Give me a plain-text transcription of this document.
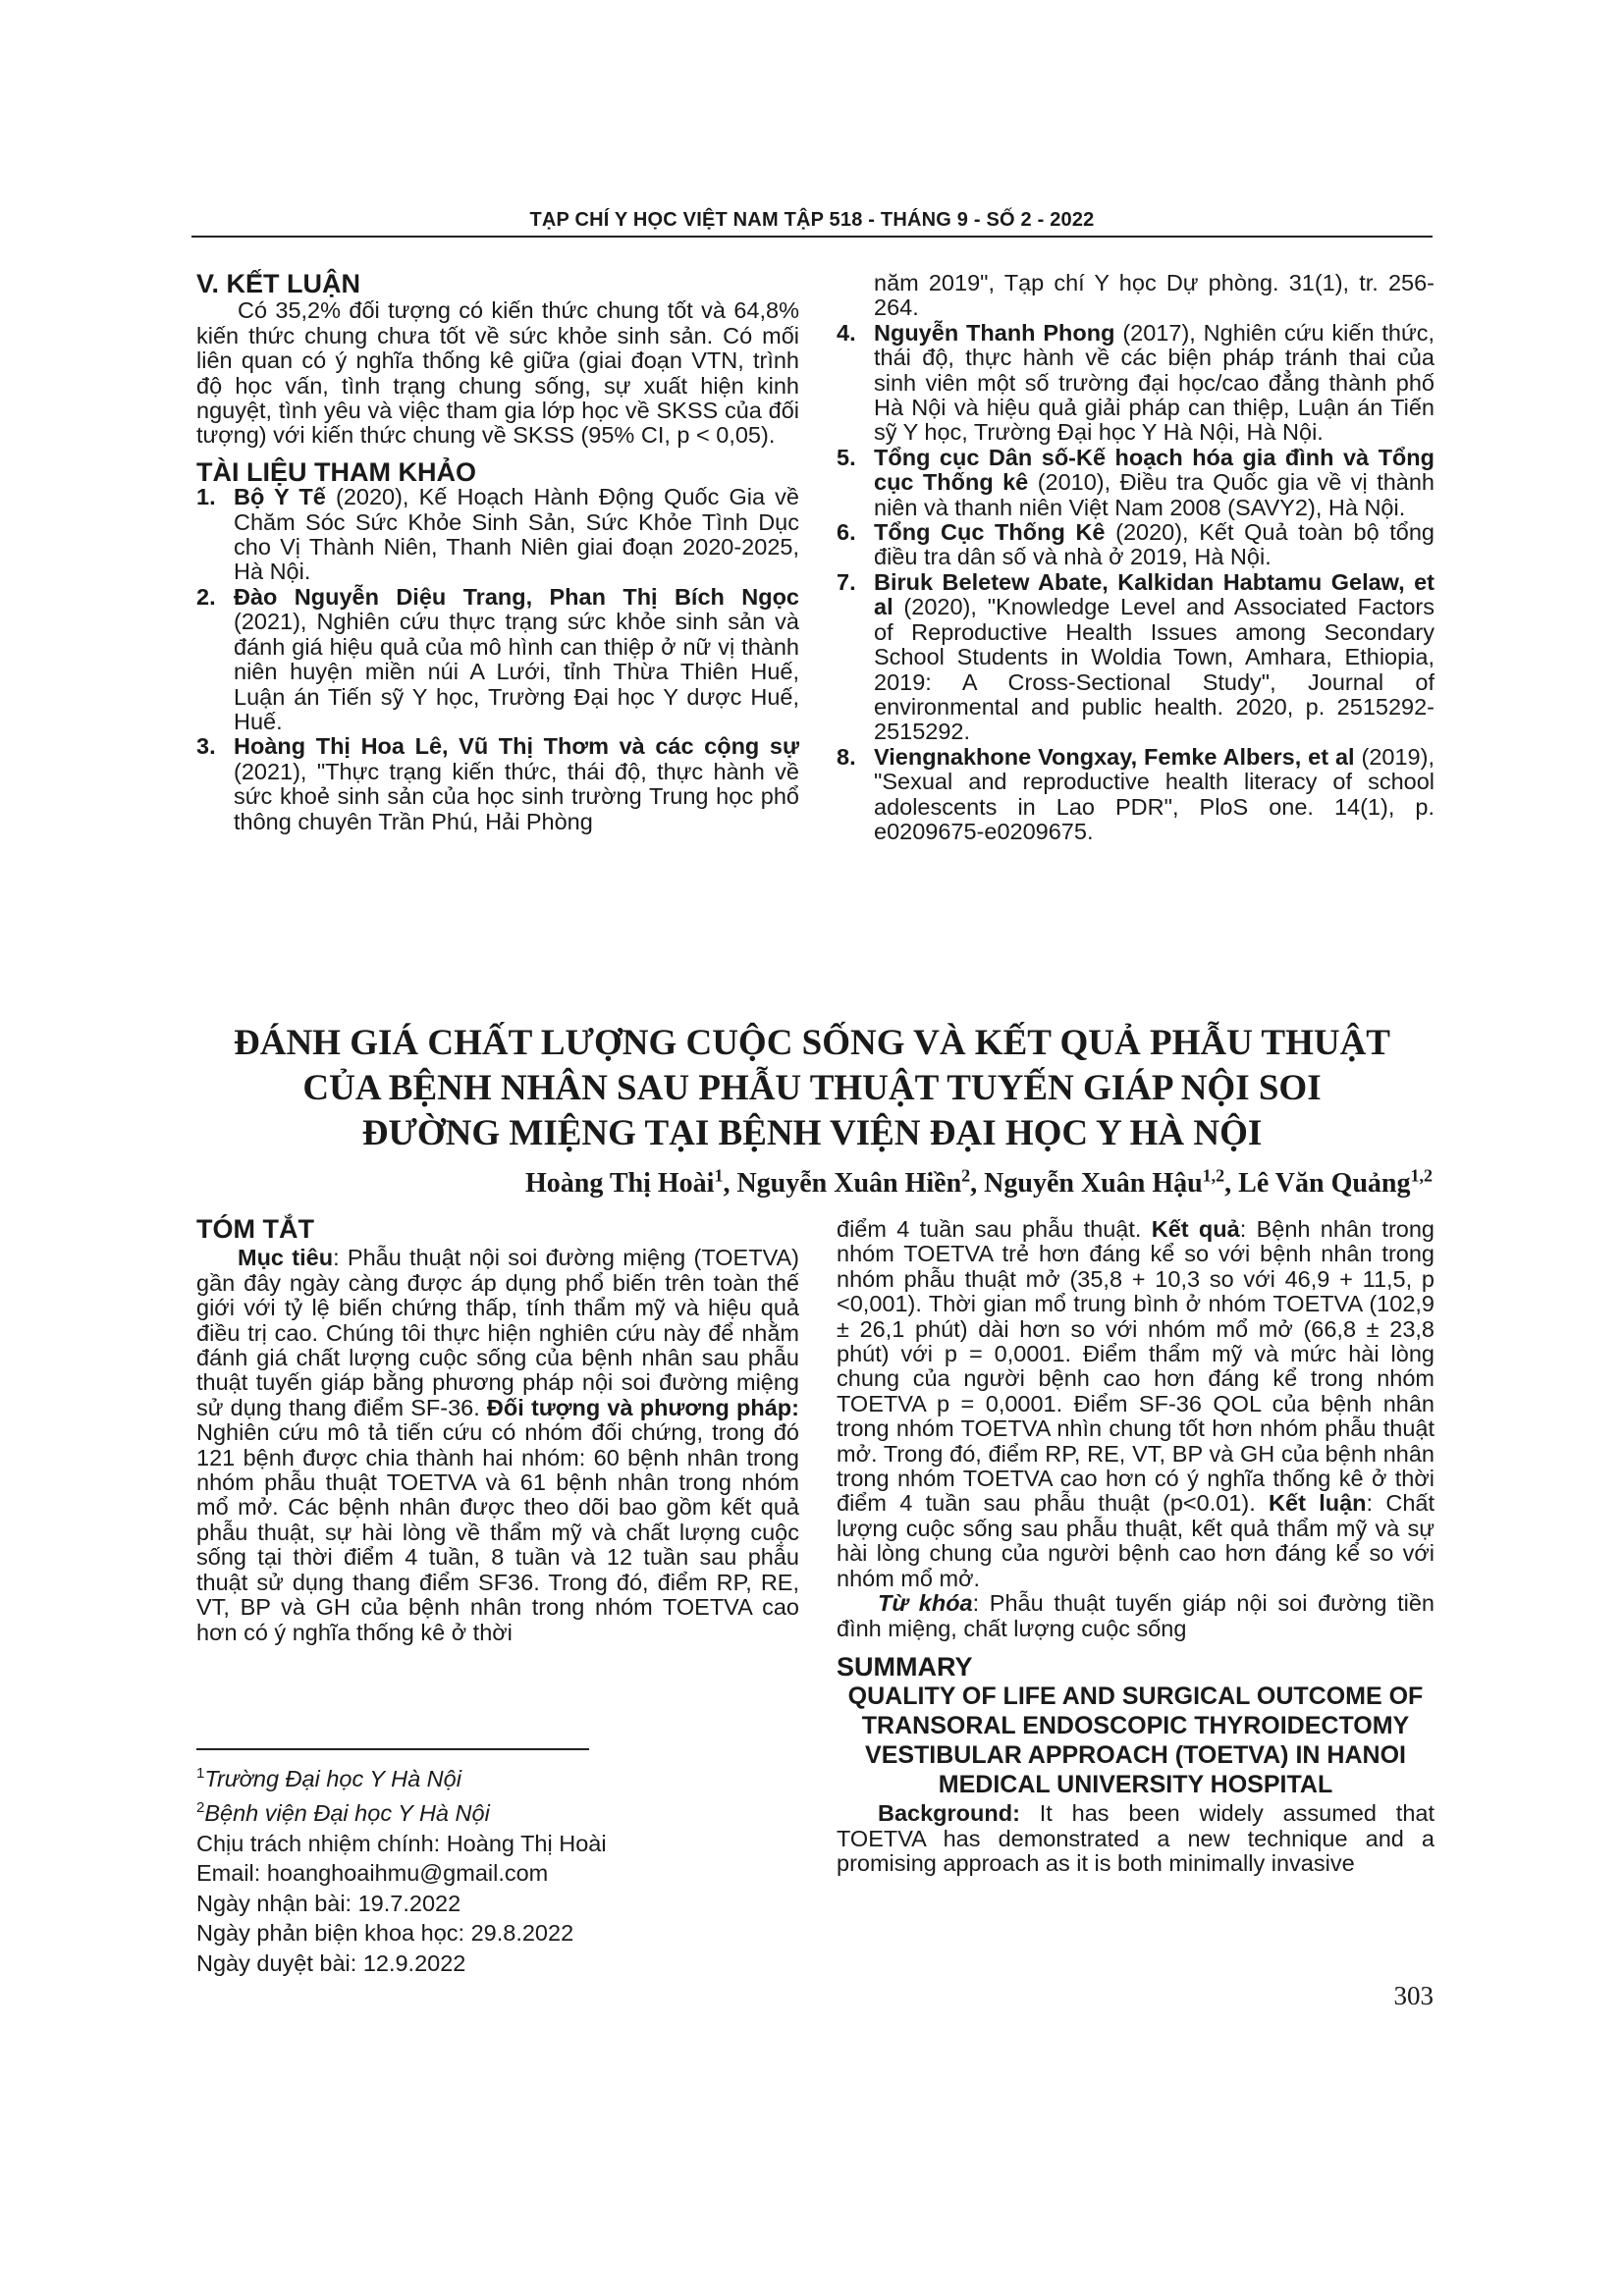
TẠP CHÍ Y HỌC VIỆT NAM TẬP 518 - THÁNG 9 - SỐ 2 - 2022
V. KẾT LUẬN

Có 35,2% đối tượng có kiến thức chung tốt và 64,8% kiến thức chung chưa tốt về sức khỏe sinh sản. Có mối liên quan có ý nghĩa thống kê giữa (giai đoạn VTN, trình độ học vấn, tình trạng chung sống, sự xuất hiện kinh nguyệt, tình yêu và việc tham gia lớp học về SKSS của đối tượng) với kiến thức chung về SKSS (95% CI, p < 0,05).

TÀI LIỆU THAM KHẢO
1. Bộ Y Tế (2020), Kế Hoạch Hành Động Quốc Gia về Chăm Sóc Sức Khỏe Sinh Sản, Sức Khỏe Tình Dục cho Vị Thành Niên, Thanh Niên giai đoạn 2020-2025, Hà Nội.
2. Đào Nguyễn Diệu Trang, Phan Thị Bích Ngọc (2021), Nghiên cứu thực trạng sức khỏe sinh sản và đánh giá hiệu quả của mô hình can thiệp ở nữ vị thành niên huyện miền núi A Lưới, tỉnh Thừa Thiên Huế, Luận án Tiến sỹ Y học, Trường Đại học Y dược Huế, Huế.
3. Hoàng Thị Hoa Lê, Vũ Thị Thơm và các cộng sự (2021), "Thực trạng kiến thức, thái độ, thực hành về sức khoẻ sinh sản của học sinh trường Trung học phổ thông chuyên Trần Phú, Hải Phòng

năm 2019", Tạp chí Y học Dự phòng. 31(1), tr. 256-264.

4. Nguyễn Thanh Phong (2017), Nghiên cứu kiến thức, thái độ, thực hành về các biện pháp tránh thai của sinh viên một số trường đại học/cao đẳng thành phố Hà Nội và hiệu quả giải pháp can thiệp, Luận án Tiến sỹ Y học, Trường Đại học Y Hà Nội, Hà Nội.
5. Tổng cục Dân số-Kế hoạch hóa gia đình và Tổng cục Thống kê (2010), Điều tra Quốc gia về vị thành niên và thanh niên Việt Nam 2008 (SAVY2), Hà Nội.
6. Tổng Cục Thống Kê (2020), Kết Quả toàn bộ tổng điều tra dân số và nhà ở 2019, Hà Nội.
7. Biruk Beletew Abate, Kalkidan Habtamu Gelaw, et al (2020), "Knowledge Level and Associated Factors of Reproductive Health Issues among Secondary School Students in Woldia Town, Amhara, Ethiopia, 2019: A Cross-Sectional Study", Journal of environmental and public health. 2020, p. 2515292-2515292.
8. Viengnakhone Vongxay, Femke Albers, et al (2019), "Sexual and reproductive health literacy of school adolescents in Lao PDR", PloS one. 14(1), p. e0209675-e0209675.

ĐÁNH GIÁ CHẤT LƯỢNG CUỘC SỐNG VÀ KẾT QUẢ PHẪU THUẬT

CỦA BỆNH NHÂN SAU PHẪU THUẬT TUYẾN GIÁP NỘI SOI

ĐƯỜNG MIỆNG TẠI BỆNH VIỆN ĐẠI HỌC Y HÀ NỘI

Hoàng Thị Hoài$^1$, Nguyễn Xuân Hiền$^2$, Nguyễn Xuân Hậu$^{1,2}$, Lê Văn Quảng$^{1,2}$
TÓM TẮT

Mục tiêu: Phẫu thuật nội soi đường miệng (TOETVA) gần đây ngày càng được áp dụng phổ biến trên toàn thế giới với tỷ lệ biến chứng thấp, tính thẩm mỹ và hiệu quả điều trị cao. Chúng tôi thực hiện nghiên cứu này để nhằm đánh giá chất lượng cuộc sống của bệnh nhân sau phẫu thuật tuyến giáp bằng phương pháp nội soi đường miệng sử dụng thang điểm SF-36. Đối tượng và phương pháp: Nghiên cứu mô tả tiến cứu có nhóm đối chứng, trong đó 121 bệnh được chia thành hai nhóm: 60 bệnh nhân trong nhóm phẫu thuật TOETVA và 61 bệnh nhân trong nhóm mổ mở. Các bệnh nhân được theo dõi bao gồm kết quả phẫu thuật, sự hài lòng về thẩm mỹ và chất lượng cuộc sống tại thời điểm 4 tuần, 8 tuần và 12 tuần sau phẫu thuật sử dụng thang điểm SF36. Trong đó, điểm RP, RE, VT, BP và GH của bệnh nhân trong nhóm TOETVA cao hơn có ý nghĩa thống kê ở thời

điểm 4 tuần sau phẫu thuật. Kết quả: Bệnh nhân trong nhóm TOETVA trẻ hơn đáng kể so với bệnh nhân trong nhóm phẫu thuật mở (35,8 + 10,3 so với 46,9 + 11,5, p <0,001). Thời gian mổ trung bình ở nhóm TOETVA (102,9 ± 26,1 phút) dài hơn so với nhóm mổ mở (66,8 ± 23,8 phút) với p = 0,0001. Điểm thẩm mỹ và mức hài lòng chung của người bệnh cao hơn đáng kể trong nhóm TOETVA p = 0,0001. Điểm SF-36 QOL của bệnh nhân trong nhóm TOETVA nhìn chung tốt hơn nhóm phẫu thuật mở. Trong đó, điểm RP, RE, VT, BP và GH của bệnh nhân trong nhóm TOETVA cao hơn có ý nghĩa thống kê ở thời điểm 4 tuần sau phẫu thuật (p<0.01). Kết luận: Chất lượng cuộc sống sau phẫu thuật, kết quả thẩm mỹ và sự hài lòng chung của người bệnh cao hơn đáng kể so với nhóm mổ mở.

Từ khóa: Phẫu thuật tuyến giáp nội soi đường tiền đình miệng, chất lượng cuộc sống

SUMMARY
QUALITY OF LIFE AND SURGICAL OUTCOME OF TRANSORAL ENDOSCOPIC THYROIDECTOMY VESTIBULAR APPROACH (TOETVA) IN HANOI MEDICAL UNIVERSITY HOSPITAL

Background: It has been widely assumed that TOETVA has demonstrated a new technique and a promising approach as it is both minimally invasive

$^1$Trường Đại học Y Hà Nội
$^2$Bệnh viện Đại học Y Hà Nội
Chịu trách nhiệm chính: Hoàng Thị Hoài
Email: hoanghoaihmu@gmail.com
Ngày nhận bài: 19.7.2022
Ngày phản biện khoa học: 29.8.2022
Ngày duyệt bài: 12.9.2022
303
